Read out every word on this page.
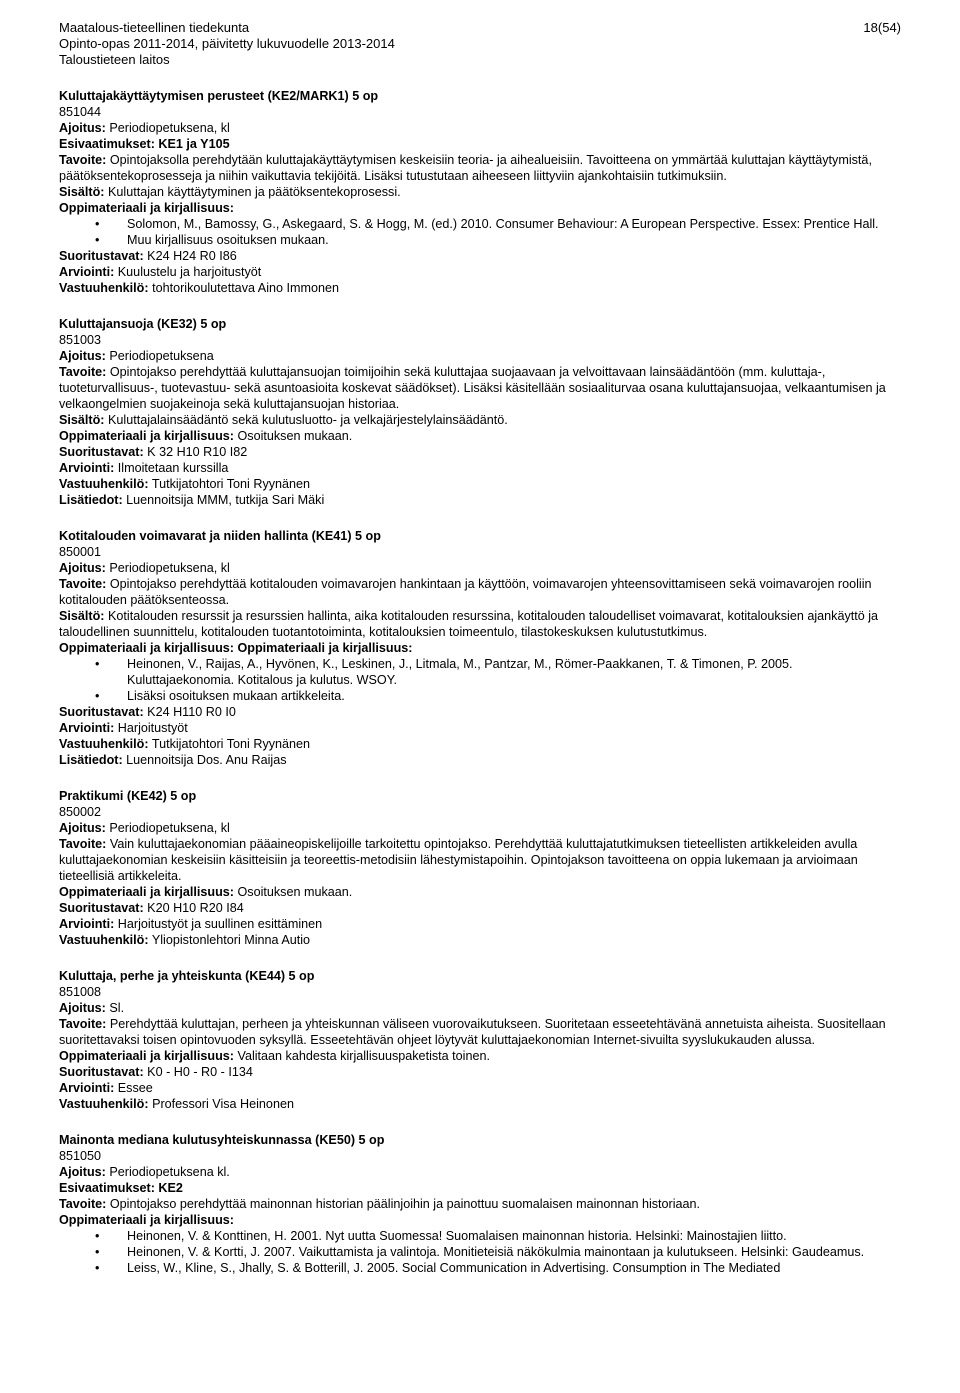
Maatalous-tieteellinen tiedekunta
Opinto-opas 2011-2014, päivitetty lukuvuodelle 2013-2014
Taloustieteen laitos
18(54)
Kuluttajakäyttäytymisen perusteet (KE2/MARK1) 5 op
851044
Ajoitus: Periodiopetuksena, kl
Esivaatimukset: KE1 ja Y105
Tavoite: Opintojaksolla perehdytään kuluttajakäyttäytymisen keskeisiin teoria- ja aihealueisiin. Tavoitteena on ymmärtää kuluttajan käyttäytymistä, päätöksentekoprosesseja ja niihin vaikuttavia tekijöitä. Lisäksi tutustutaan aiheeseen liittyviin ajankohtaisiin tutkimuksiin.
Sisältö: Kuluttajan käyttäytyminen ja päätöksentekoprosessi.
Oppimateriaali ja kirjallisuus:
• Solomon, M., Bamossy, G., Askegaard, S. & Hogg, M. (ed.) 2010. Consumer Behaviour: A European Perspective. Essex: Prentice Hall.
• Muu kirjallisuus osoituksen mukaan.
Suoritustavat: K24 H24 R0 I86
Arviointi: Kuulustelu ja harjoitustyöt
Vastuuhenkilö: tohtorikoulutettava Aino Immonen
Kuluttajansuoja (KE32) 5 op
851003
Ajoitus: Periodiopetuksena
Tavoite: Opintojakso perehdyttää kuluttajansuojan toimijoihin sekä kuluttajaa suojaavaan ja velvoittavaan lainsäädäntöön (mm. kuluttaja-, tuoteturvallisuus-, tuotevastuu- sekä asuntoasioita koskevat säädökset). Lisäksi käsitellään sosiaaliturvaa osana kuluttajansuojaa, velkaantumisen ja velkaongelmien suojakeinoja sekä kuluttajansuojan historiaa.
Sisältö: Kuluttajalainsäädäntö sekä kulutusluotto- ja velkajärjestelylainsäädäntö.
Oppimateriaali ja kirjallisuus: Osoituksen mukaan.
Suoritustavat: K 32 H10 R10 I82
Arviointi: Ilmoitetaan kurssilla
Vastuuhenkilö: Tutkijatohtori Toni Ryynänen
Lisätiedot: Luennoitsija MMM, tutkija Sari Mäki
Kotitalouden voimavarat ja niiden hallinta (KE41) 5 op
850001
Ajoitus: Periodiopetuksena, kl
Tavoite: Opintojakso perehdyttää kotitalouden voimavarojen hankintaan ja käyttöön, voimavarojen yhteensovittamiseen sekä voimavarojen rooliin kotitalouden päätöksenteossa.
Sisältö: Kotitalouden resurssit ja resurssien hallinta, aika kotitalouden resurssina, kotitalouden taloudelliset voimavarat, kotitalouksien ajankäyttö ja taloudellinen suunnittelu, kotitalouden tuotantotoiminta, kotitalouksien toimeentulo, tilastokeskuksen kulutustutkimus.
Oppimateriaali ja kirjallisuus: Oppimateriaali ja kirjallisuus:
• Heinonen, V., Raijas, A., Hyvönen, K., Leskinen, J., Litmala, M., Pantzar, M., Römer-Paakkanen, T. & Timonen, P. 2005. Kuluttajaekonomia. Kotitalous ja kulutus. WSOY.
• Lisäksi osoituksen mukaan artikkeleita.
Suoritustavat: K24 H110 R0 I0
Arviointi: Harjoitustyöt
Vastuuhenkilö: Tutkijatohtori Toni Ryynänen
Lisätiedot: Luennoitsija Dos. Anu Raijas
Praktikumi (KE42) 5 op
850002
Ajoitus: Periodiopetuksena, kl
Tavoite: Vain kuluttajaekonomian pääaineopiskelijoille tarkoitettu opintojakso. Perehdyttää kuluttajatutkimuksen tieteellisten artikkeleiden avulla kuluttajaekonomian keskeisiin käsitteisiin ja teoreettis-metodisiin lähestymistapoihin. Opintojakson tavoitteena on oppia lukemaan ja arvioimaan tieteellisiä artikkeleita.
Oppimateriaali ja kirjallisuus: Osoituksen mukaan.
Suoritustavat: K20 H10 R20 I84
Arviointi: Harjoitustyöt ja suullinen esittäminen
Vastuuhenkilö: Yliopistonlehtori Minna Autio
Kuluttaja, perhe ja yhteiskunta (KE44) 5 op
851008
Ajoitus: Sl.
Tavoite: Perehdyttää kuluttajan, perheen ja yhteiskunnan väliseen vuorovaikutukseen. Suoritetaan esseetehtävänä annetuista aiheista. Suositellaan suoritettavaksi toisen opintovuoden syksyllä. Esseetehtävän ohjeet löytyvät kuluttajaekonomian Internet-sivuilta syyslukukauden alussa.
Oppimateriaali ja kirjallisuus: Valitaan kahdesta kirjallisuuspaketista toinen.
Suoritustavat: K0 - H0 - R0 - I134
Arviointi: Essee
Vastuuhenkilö: Professori Visa Heinonen
Mainonta mediana kulutusyhteiskunnassa (KE50) 5 op
851050
Ajoitus: Periodiopetuksena kl.
Esivaatimukset: KE2
Tavoite: Opintojakso perehdyttää mainonnan historian päälinjoihin ja painottuu suomalaisen mainonnan historiaan.
Oppimateriaali ja kirjallisuus:
• Heinonen, V. & Konttinen, H. 2001. Nyt uutta Suomessa! Suomalaisen mainonnan historia. Helsinki: Mainostajien liitto.
• Heinonen, V. & Kortti, J. 2007. Vaikuttamista ja valintoja. Monitieteisiä näkökulmia mainontaan ja kulutukseen. Helsinki: Gaudeamus.
• Leiss, W., Kline, S., Jhally, S. & Botterill, J. 2005. Social Communication in Advertising. Consumption in The Mediated
